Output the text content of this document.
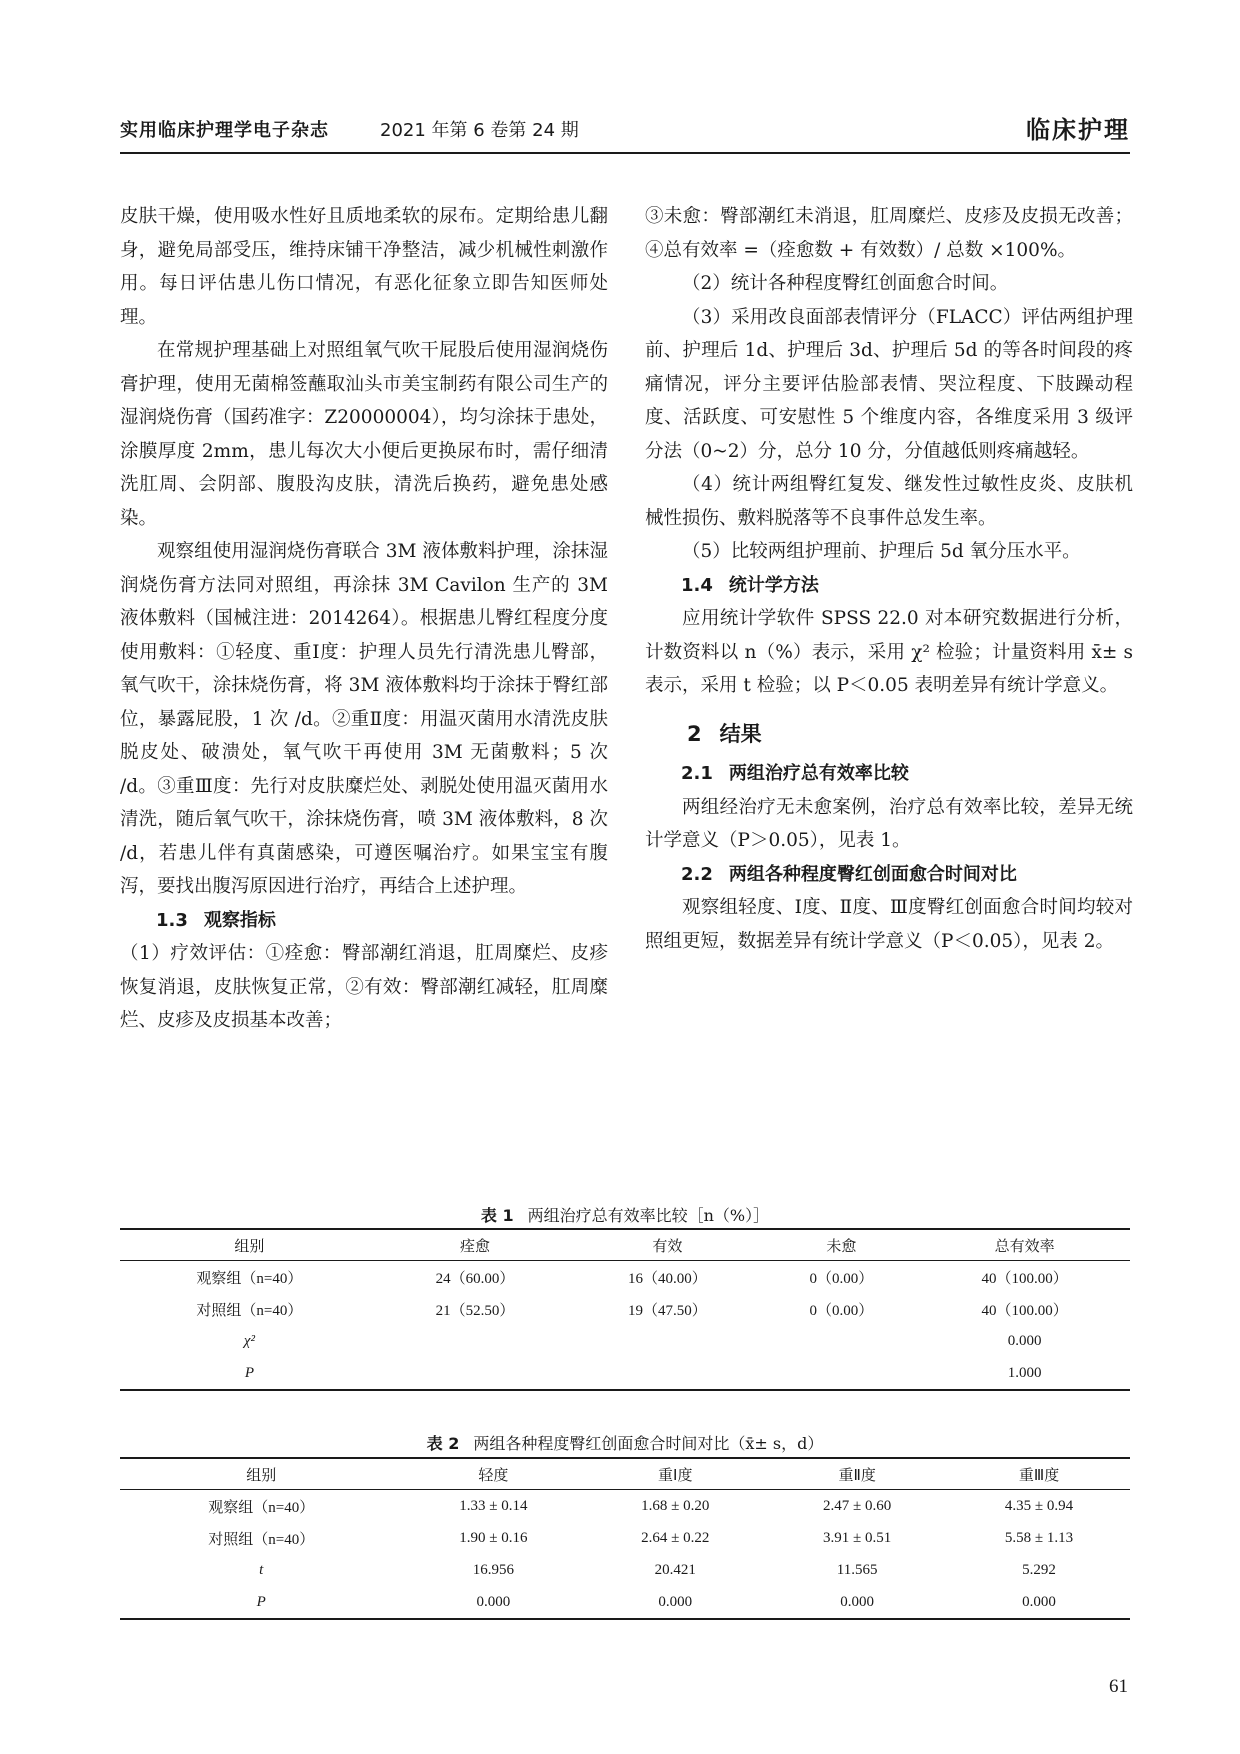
实用临床护理学电子杂志	2021 年第 6 卷第 24 期	临床护理

皮肤干燥，使用吸水性好且质地柔软的尿布。定期给患儿翻身，避免局部受压，维持床铺干净整洁，减少机械性刺激作用。每日评估患儿伤口情况，有恶化征象立即告知医师处理。

在常规护理基础上对照组氧气吹干屁股后使用湿润烧伤膏护理，使用无菌棉签蘸取汕头市美宝制药有限公司生产的湿润烧伤膏（国药准字：Z20000004），均匀涂抹于患处，涂膜厚度 2mm，患儿每次大小便后更换尿布时，需仔细清洗肛周、会阴部、腹股沟皮肤，清洗后换药，避免患处感染。

观察组使用湿润烧伤膏联合 3M 液体敷料护理，涂抹湿润烧伤膏方法同对照组，再涂抹 3M Cavilon 生产的 3M 液体敷料（国械注进：2014264）。根据患儿臀红程度分度使用敷料：①轻度、重Ⅰ度：护理人员先行清洗患儿臀部，氧气吹干，涂抹烧伤膏，将 3M 液体敷料均于涂抹于臀红部位，暴露屁股，1 次 /d。②重Ⅱ度：用温灭菌用水清洗皮肤脱皮处、破溃处，氧气吹干再使用 3M 无菌敷料；5 次 /d。③重Ⅲ度：先行对皮肤糜烂处、剥脱处使用温灭菌用水清洗，随后氧气吹干，涂抹烧伤膏，喷 3M 液体敷料，8 次 /d，若患儿伴有真菌感染，可遵医嘱治疗。如果宝宝有腹泻，要找出腹泻原因进行治疗，再结合上述护理。

1.3 观察指标

（1）疗效评估：①痊愈：臀部潮红消退，肛周糜烂、皮疹恢复消退，皮肤恢复正常，②有效：臀部潮红减轻，肛周糜烂、皮疹及皮损基本改善；

③未愈：臀部潮红未消退，肛周糜烂、皮疹及皮损无改善；④总有效率 =（痊愈数 + 有效数）/ 总数 ×100%。

（2）统计各种程度臀红创面愈合时间。

（3）采用改良面部表情评分（FLACC）评估两组护理前、护理后 1d、护理后 3d、护理后 5d 的等各时间段的疼痛情况，评分主要评估脸部表情、哭泣程度、下肢躁动程度、活跃度、可安慰性 5 个维度内容，各维度采用 3 级评分法（0~2）分，总分 10 分，分值越低则疼痛越轻。

（4）统计两组臀红复发、继发性过敏性皮炎、皮肤机械性损伤、敷料脱落等不良事件总发生率。

（5）比较两组护理前、护理后 5d 氧分压水平。

1.4 统计学方法

应用统计学软件 SPSS 22.0 对本研究数据进行分析，计数资料以 n（%）表示，采用 χ² 检验；计量资料用 x̄± s 表示，采用 t 检验；以 P＜0.05 表明差异有统计学意义。

2 结果
2.1 两组治疗总有效率比较

两组经治疗无未愈案例，治疗总有效率比较，差异无统计学意义（P＞0.05），见表 1。

2.2 两组各种程度臀红创面愈合时间对比

观察组轻度、Ⅰ度、Ⅱ度、Ⅲ度臀红创面愈合时间均较对照组更短，数据差异有统计学意义（P＜0.05），见表 2。

表 1 两组治疗总有效率比较［n（%）］
组别	痊愈	有效	未愈	总有效率
观察组（n=40）	24（60.00）	16（40.00）	0（0.00）	40（100.00）
对照组（n=40）	21（52.50）	19（47.50）	0（0.00）	40（100.00）
χ²				0.000
P				1.000
表 2 两组各种程度臀红创面愈合时间对比（x̄± s，d）
组别	轻度	重Ⅰ度	重Ⅱ度	重Ⅲ度
观察组（n=40）	1.33 ± 0.14	1.68 ± 0.20	2.47 ± 0.60	4.35 ± 0.94
对照组（n=40）	1.90 ± 0.16	2.64 ± 0.22	3.91 ± 0.51	5.58 ± 1.13
t	16.956	20.421	11.565	5.292
P	0.000	0.000	0.000	0.000
61
